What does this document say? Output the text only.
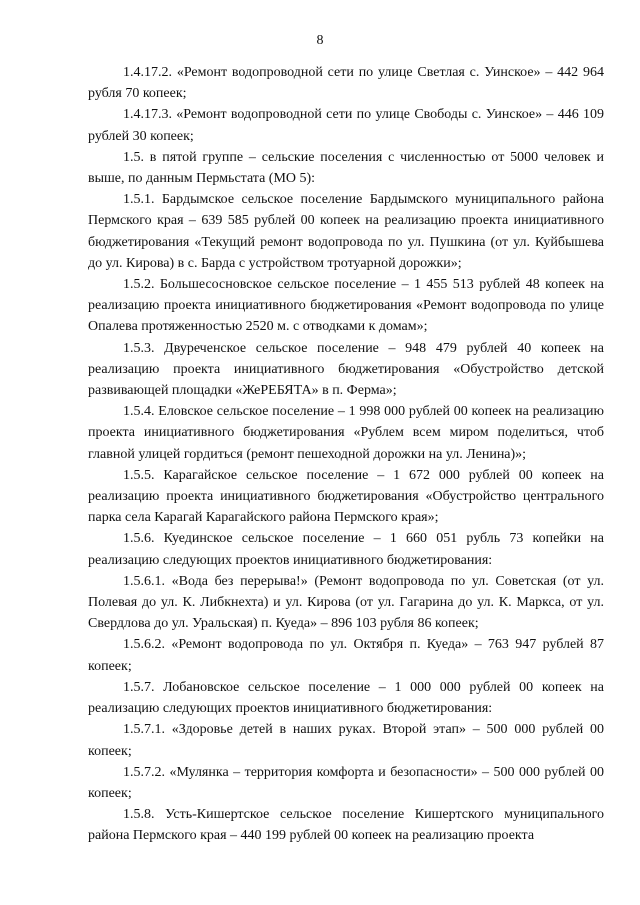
8

1.4.17.2. «Ремонт водопроводной сети по улице Светлая с. Уинское» – 442 964 рубля 70 копеек;

1.4.17.3. «Ремонт водопроводной сети по улице Свободы с. Уинское» – 446 109 рублей 30 копеек;

1.5. в пятой группе – сельские поселения с численностью от 5000 человек и выше, по данным Пермьстата (МО 5):

1.5.1. Бардымское сельское поселение Бардымского муниципального района Пермского края – 639 585 рублей 00 копеек на реализацию проекта инициативного бюджетирования «Текущий ремонт водопровода по ул. Пушкина (от ул. Куйбышева до ул. Кирова) в с. Барда с устройством тротуарной дорожки»;

1.5.2. Большесосновское сельское поселение – 1 455 513 рублей 48 копеек на реализацию проекта инициативного бюджетирования «Ремонт водопровода по улице Опалева протяженностью 2520 м. с отводками к домам»;

1.5.3. Двуреченское сельское поселение – 948 479 рублей 40 копеек на реализацию проекта инициативного бюджетирования «Обустройство детской развивающей площадки «ЖеРЕБЯТА» в п. Ферма»;

1.5.4. Еловское сельское поселение – 1 998 000 рублей 00 копеек на реализацию проекта инициативного бюджетирования «Рублем всем миром поделиться, чтоб главной улицей гордиться (ремонт пешеходной дорожки на ул. Ленина)»;

1.5.5. Карагайское сельское поселение – 1 672 000 рублей 00 копеек на реализацию проекта инициативного бюджетирования «Обустройство центрального парка села Карагай Карагайского района Пермского края»;

1.5.6. Куединское сельское поселение – 1 660 051 рубль 73 копейки на реализацию следующих проектов инициативного бюджетирования:

1.5.6.1. «Вода без перерыва!» (Ремонт водопровода по ул. Советская (от ул. Полевая до ул. К. Либкнехта) и ул. Кирова (от ул. Гагарина до ул. К. Маркса, от ул. Свердлова до ул. Уральская) п. Куеда» – 896 103 рубля 86 копеек;

1.5.6.2. «Ремонт водопровода по ул. Октября п. Куеда» – 763 947 рублей 87 копеек;

1.5.7. Лобановское сельское поселение – 1 000 000 рублей 00 копеек на реализацию следующих проектов инициативного бюджетирования:

1.5.7.1. «Здоровье детей в наших руках. Второй этап» – 500 000 рублей 00 копеек;

1.5.7.2. «Мулянка – территория комфорта и безопасности» – 500 000 рублей 00 копеек;

1.5.8. Усть-Кишертское сельское поселение Кишертского муниципального района Пермского края – 440 199 рублей 00 копеек на реализацию проекта
